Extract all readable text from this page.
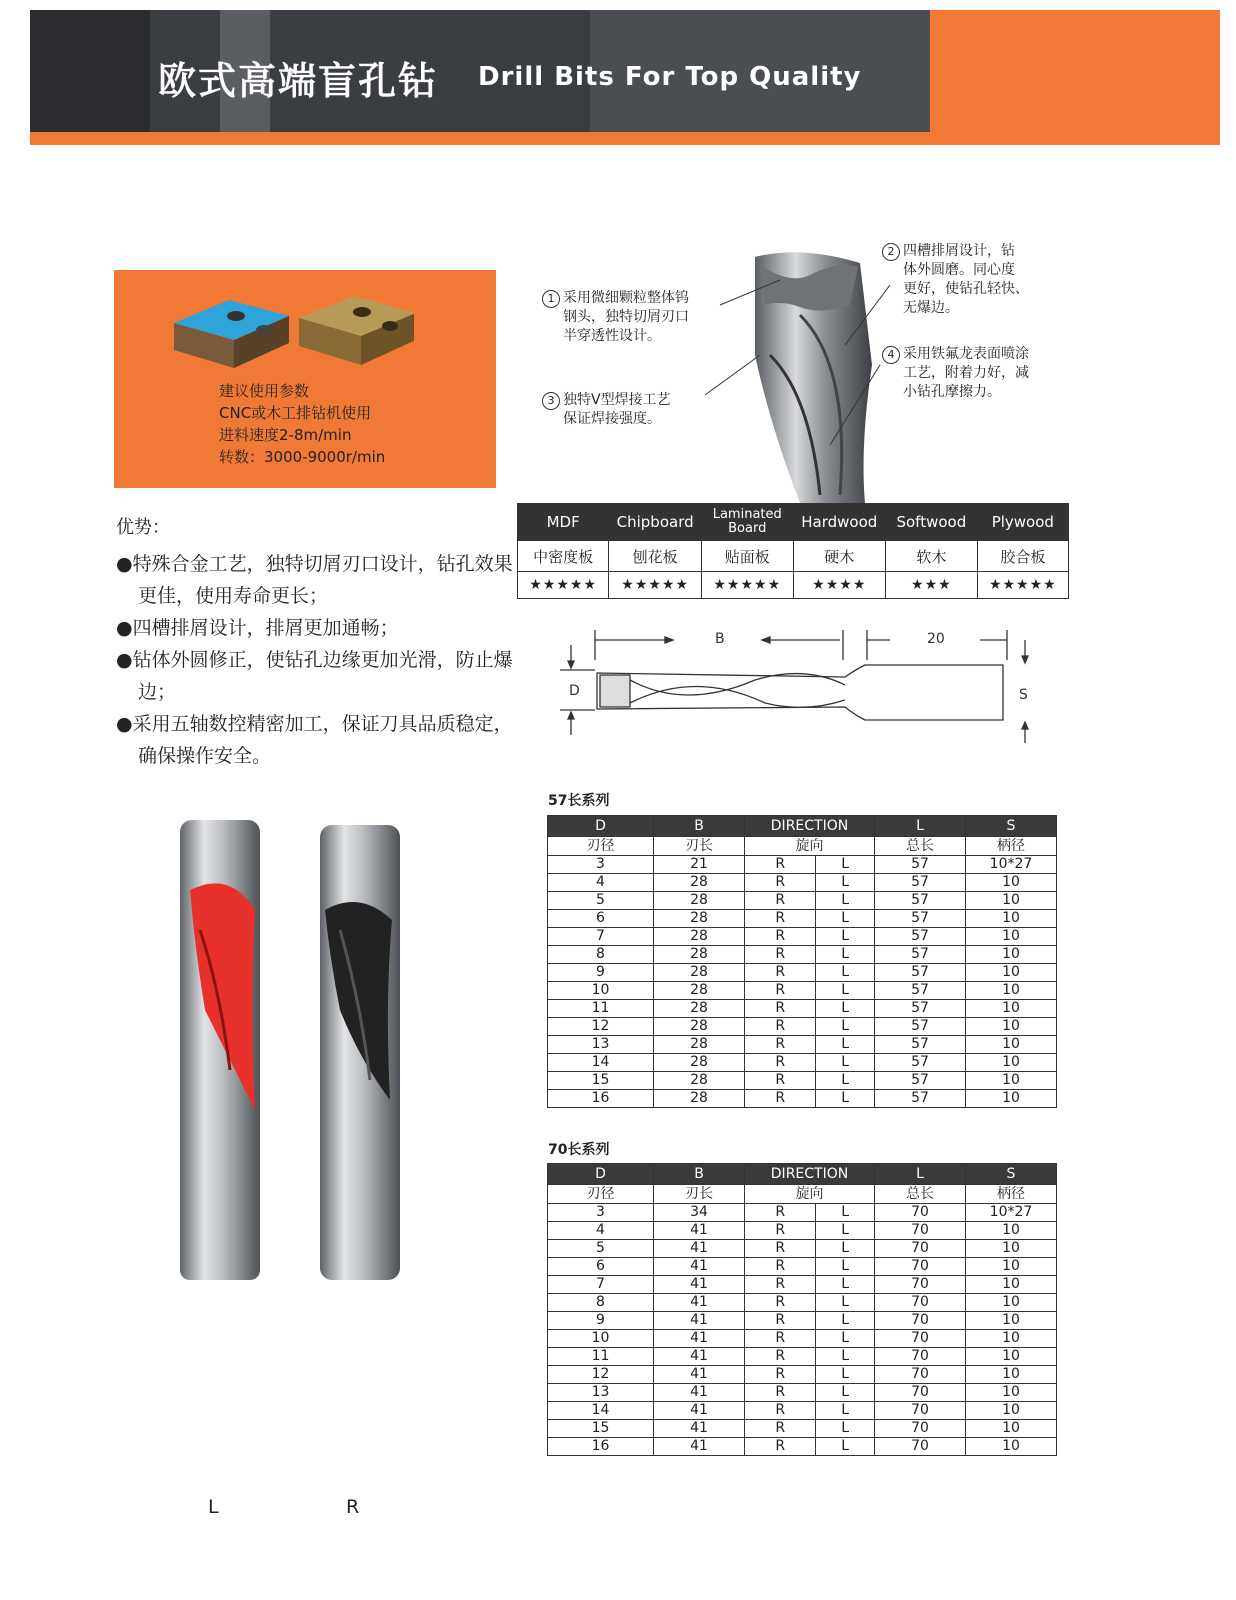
欧式高端盲孔钻 Drill Bits For Top Quality
建议使用参数
CNC或木工排钻机使用
进料速度2-8m/min
转数：3000-9000r/min
优势：
●特殊合金工艺，独特切屑刃口设计，钻孔效果更佳，使用寿命更长；
●四槽排屑设计，排屑更加通畅；
●钻体外圆修正，使钻孔边缘更加光滑，防止爆边；
●采用五轴数控精密加工，保证刀具品质稳定，确保操作安全。
1 采用微细颗粒整体钨
钢头，独特切屑刃口
半穿透性设计。
2 四槽排屑设计，钻
体外圆磨。同心度
更好，使钻孔轻快、
无爆边。
3 独特V型焊接工艺
保证焊接强度。
4 采用铁氟龙表面喷涂
工艺，附着力好，减
小钻孔摩擦力。
MDF	Chipboard	Laminated Board	Hardwood	Softwood	Plywood
中密度板	刨花板	贴面板	硬木	软木	胶合板
★★★★★	★★★★★	★★★★★	★★★★	★★★	★★★★★
B	20
D	S
L	R
57长系列
D	B	DIRECTION		L	S
刃径	刃长	旋向		总长	柄径
3	21	R	L	57	10*27
4	28	R	L	57	10
5	28	R	L	57	10
6	28	R	L	57	10
7	28	R	L	57	10
8	28	R	L	57	10
9	28	R	L	57	10
10	28	R	L	57	10
11	28	R	L	57	10
12	28	R	L	57	10
13	28	R	L	57	10
14	28	R	L	57	10
15	28	R	L	57	10
16	28	R	L	57	10
70长系列
D	B	DIRECTION		L	S
刃径	刃长	旋向		总长	柄径
3	34	R	L	70	10*27
4	41	R	L	70	10
5	41	R	L	70	10
6	41	R	L	70	10
7	41	R	L	70	10
8	41	R	L	70	10
9	41	R	L	70	10
10	41	R	L	70	10
11	41	R	L	70	10
12	41	R	L	70	10
13	41	R	L	70	10
14	41	R	L	70	10
15	41	R	L	70	10
16	41	R	L	70	10
